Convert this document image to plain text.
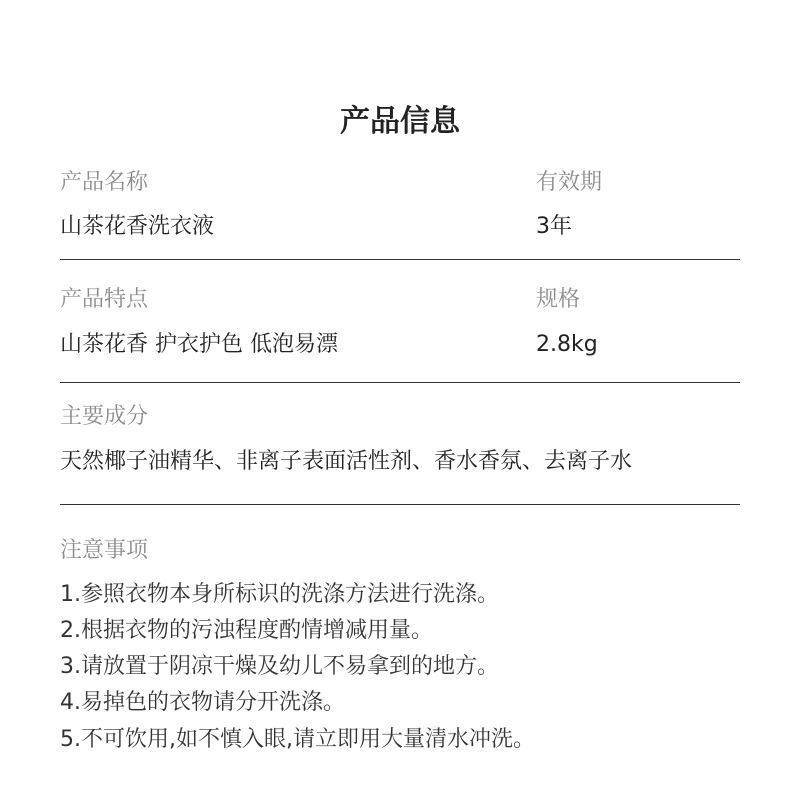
产品信息
产品名称
山茶花香洗衣液
有效期
3年
产品特点
山茶花香 护衣护色 低泡易漂
规格
2.8kg
主要成分
天然椰子油精华、非离子表面活性剂、香水香氛、去离子水
注意事项
1.参照衣物本身所标识的洗涤方法进行洗涤。
2.根据衣物的污浊程度酌情增减用量。
3.请放置于阴凉干燥及幼儿不易拿到的地方。
4.易掉色的衣物请分开洗涤。
5.不可饮用,如不慎入眼,请立即用大量清水冲洗。
